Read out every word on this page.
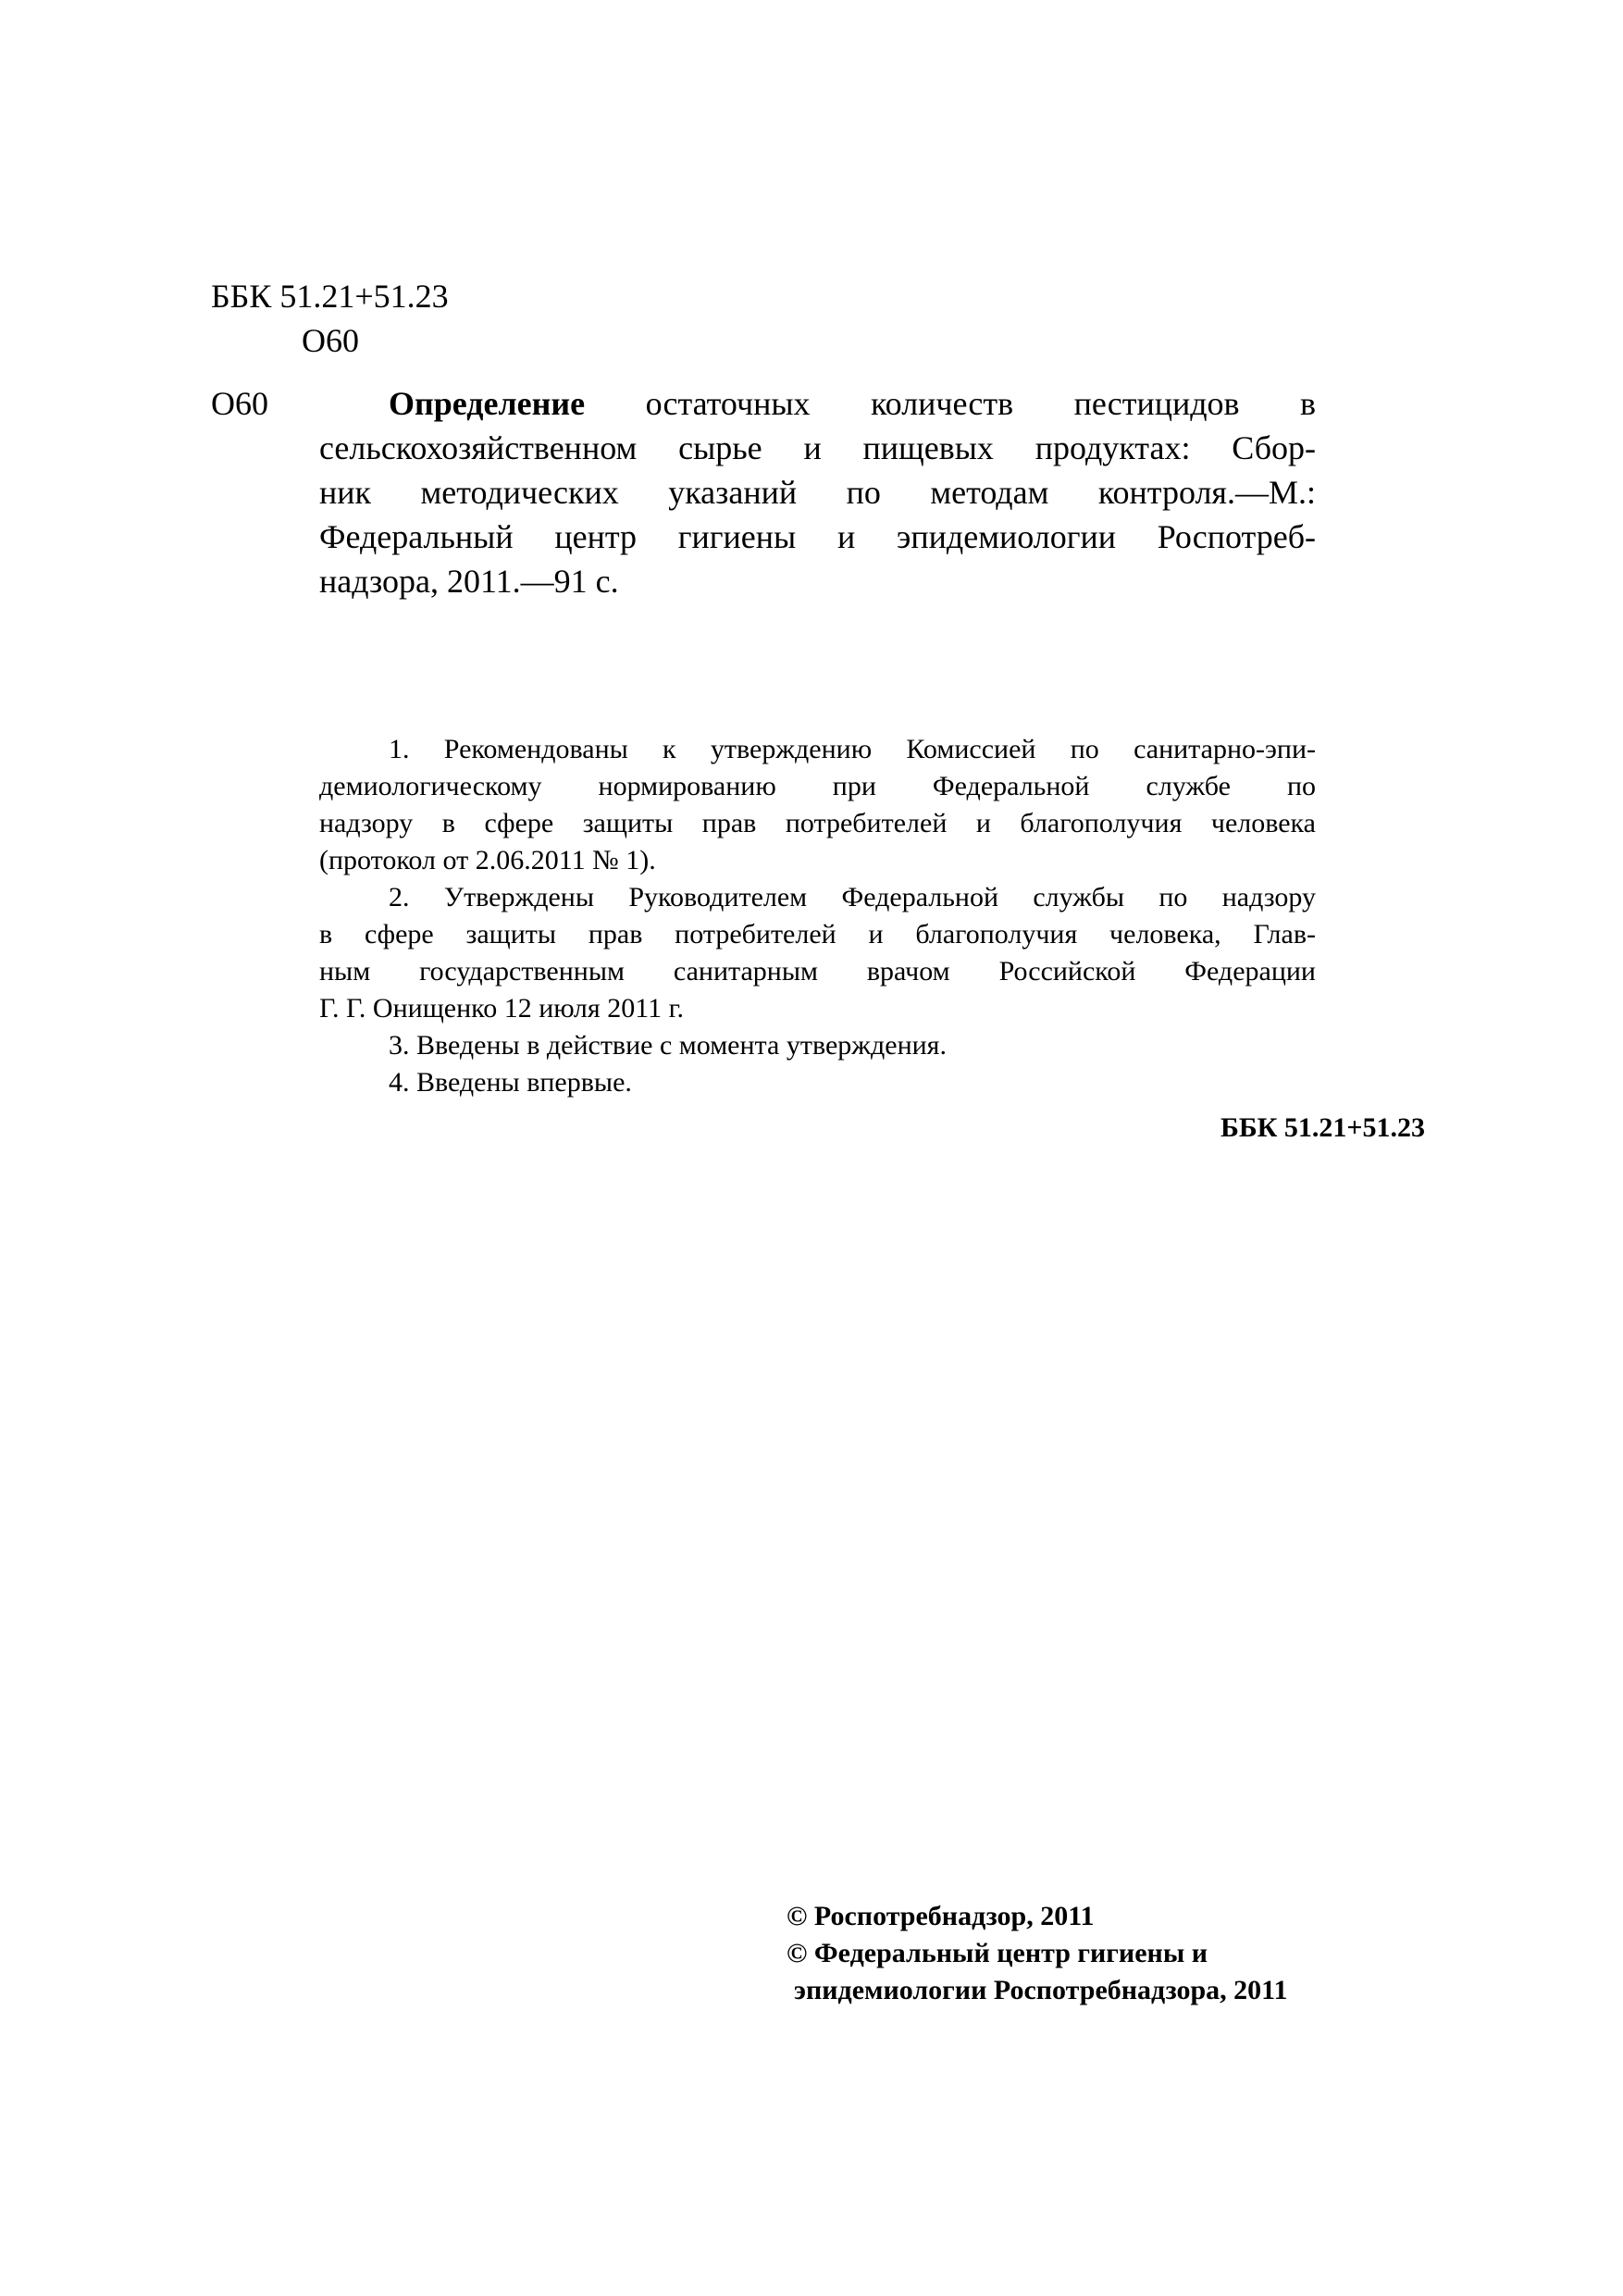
ББК 51.21+51.23
О60
О60	Определение остаточных количеств пестицидов в
сельскохозяйственном сырье и пищевых продуктах: Сбор-
ник методических указаний по методам контроля.—М.:
Федеральный центр гигиены и эпидемиологии Роспотреб-
надзора, 2011.—91 с.
1. Рекомендованы к утверждению Комиссией по санитарно-эпи-
демиологическому нормированию при Федеральной службе по
надзору в сфере защиты прав потребителей и благополучия человека
(протокол от 2.06.2011 № 1).
2. Утверждены Руководителем Федеральной службы по надзору
в сфере защиты прав потребителей и благополучия человека, Глав-
ным государственным санитарным врачом Российской Федерации
Г. Г. Онищенко 12 июля 2011 г.
3. Введены в действие с момента утверждения.
4. Введены впервые.
ББК 51.21+51.23
© Роспотребнадзор, 2011
© Федеральный центр гигиены и
эпидемиологии Роспотребнадзора, 2011
